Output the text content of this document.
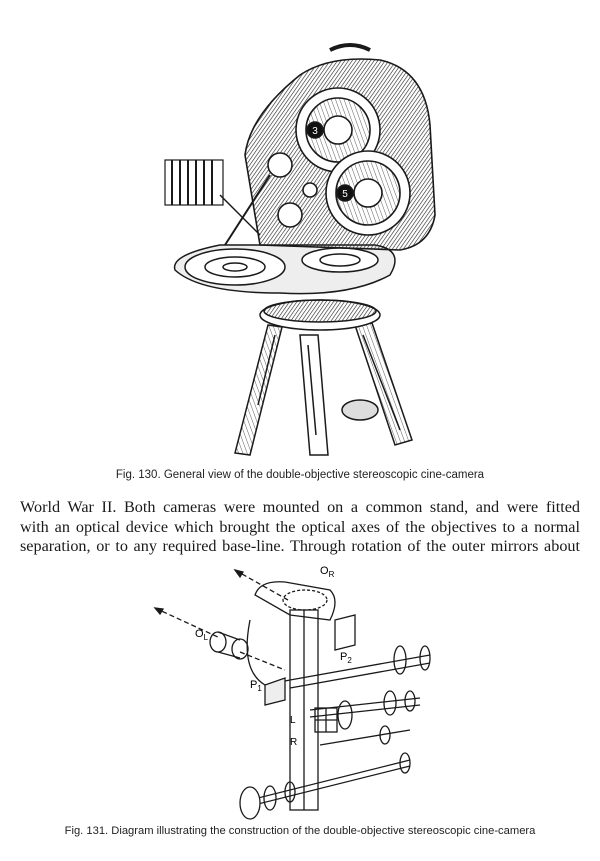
3
5
Fig. 130. General view of the double-objective stereoscopic cine-camera
World War II. Both cameras were mounted on a common stand, and were fitted
with an optical device which brought the optical axes of the objectives to a normal
separation, or to any required base-line. Through rotation of the outer mirrors about
$O_R$
$O_L$
$P_2$
$P_1$
L
R
Fig. 131. Diagram illustrating the construction of the double-objective stereoscopic cine-camera
